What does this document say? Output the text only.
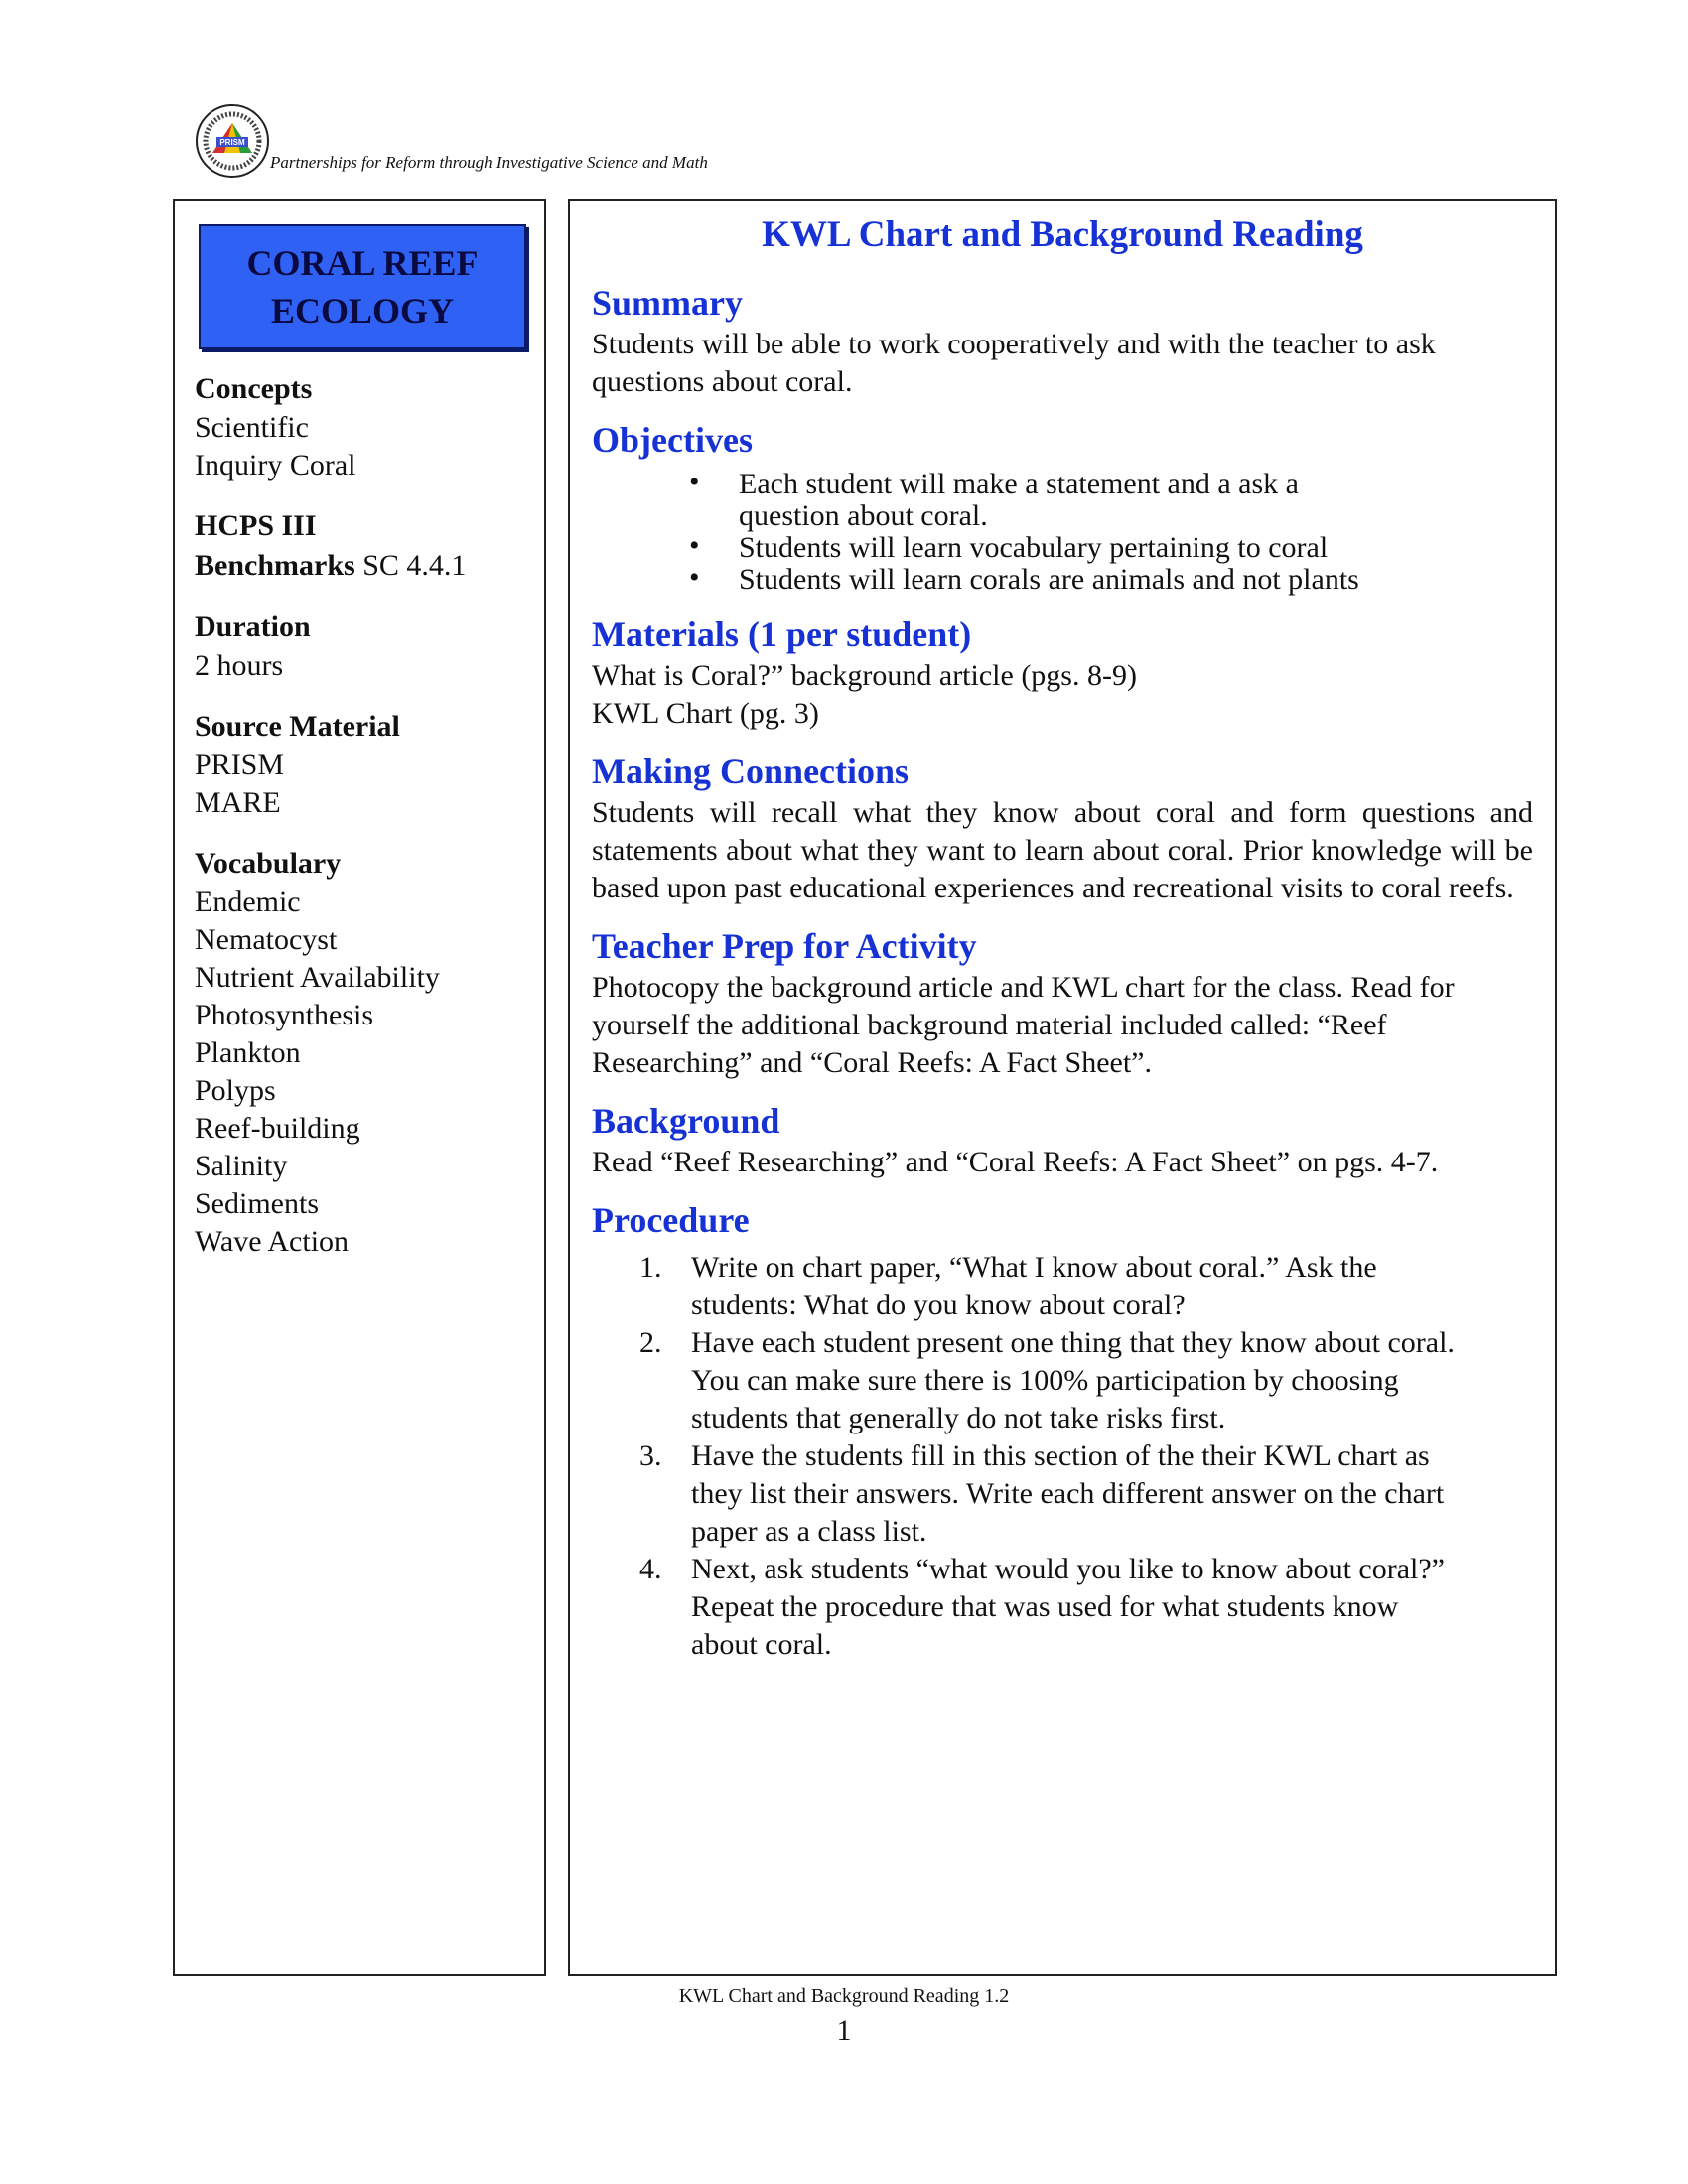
PRISM
Partnerships for Reform through Investigative Science and Math
CORAL REEF
ECOLOGY
Concepts
Scientific
Inquiry Coral
HCPS III
Benchmarks SC 4.4.1
Duration
2 hours
Source Material
PRISM
MARE
Vocabulary
Endemic
Nematocyst
Nutrient Availability
Photosynthesis
Plankton
Polyps
Reef-building
Salinity
Sediments
Wave Action
KWL Chart and Background Reading
Summary
Students will be able to work cooperatively and with the teacher to ask questions about coral.
Objectives
• Each student will make a statement and a ask a question about coral.
• Students will learn vocabulary pertaining to coral
• Students will learn corals are animals and not plants
Materials (1 per student)
What is Coral?” background article (pgs. 8-9)
KWL Chart (pg. 3)
Making Connections
Students will recall what they know about coral and form questions and statements about what they want to learn about coral. Prior knowledge will be based upon past educational experiences and recreational visits to coral reefs.
Teacher Prep for Activity
Photocopy the background article and KWL chart for the class. Read for yourself the additional background material included called: “Reef Researching” and “Coral Reefs: A Fact Sheet”.
Background
Read “Reef Researching” and “Coral Reefs: A Fact Sheet” on pgs. 4-7.
Procedure
1. Write on chart paper, “What I know about coral.” Ask the students: What do you know about coral?
2. Have each student present one thing that they know about coral. You can make sure there is 100% participation by choosing students that generally do not take risks first.
3. Have the students fill in this section of the their KWL chart as they list their answers. Write each different answer on the chart paper as a class list.
4. Next, ask students “what would you like to know about coral?” Repeat the procedure that was used for what students know about coral.
KWL Chart and Background Reading 1.2
1
